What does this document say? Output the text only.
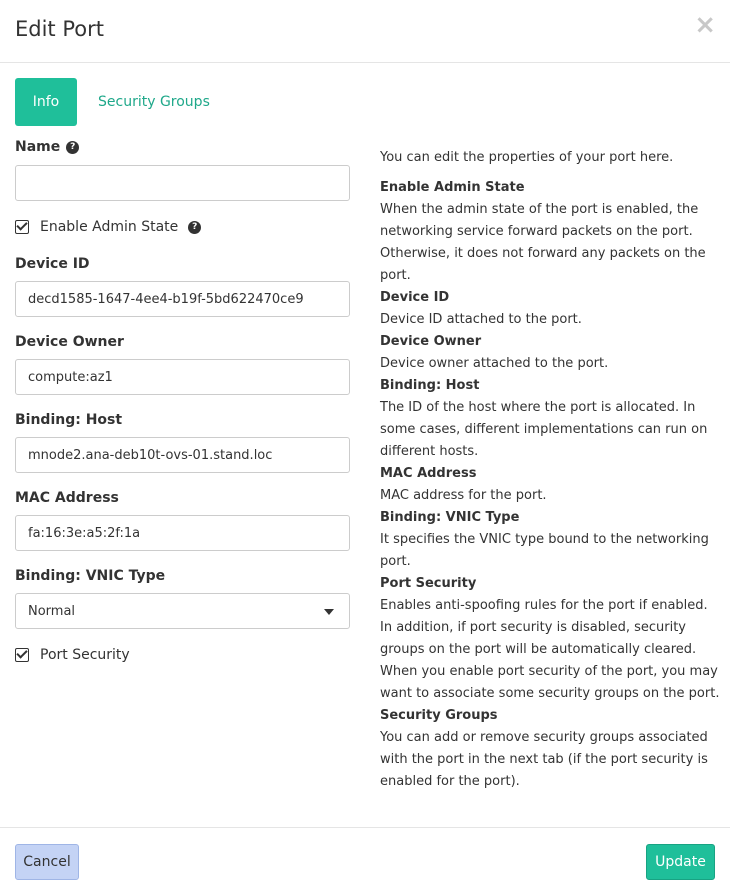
Edit Port	×
Info	Security Groups
Name	?
Enable Admin State	?
Device ID
decd1585-1647-4ee4-b19f-5bd622470ce9
Device Owner
compute:az1
Binding: Host
mnode2.ana-deb10t-ovs-01.stand.loc
MAC Address
fa:16:3e:a5:2f:1a
Binding: VNIC Type
Normal
Port Security

You can edit the properties of your port here.

Enable Admin State

When the admin state of the port is enabled, the networking service forward packets on the port. Otherwise, it does not forward any packets on the port.

Device ID

Device ID attached to the port.

Device Owner

Device owner attached to the port.

Binding: Host

The ID of the host where the port is allocated. In some cases, different implementations can run on different hosts.

MAC Address

MAC address for the port.

Binding: VNIC Type

It specifies the VNIC type bound to the networking port.

Port Security

Enables anti-spoofing rules for the port if enabled. In addition, if port security is disabled, security groups on the port will be automatically cleared. When you enable port security of the port, you may want to associate some security groups on the port.

Security Groups

You can add or remove security groups associated with the port in the next tab (if the port security is enabled for the port).

Cancel	Update
